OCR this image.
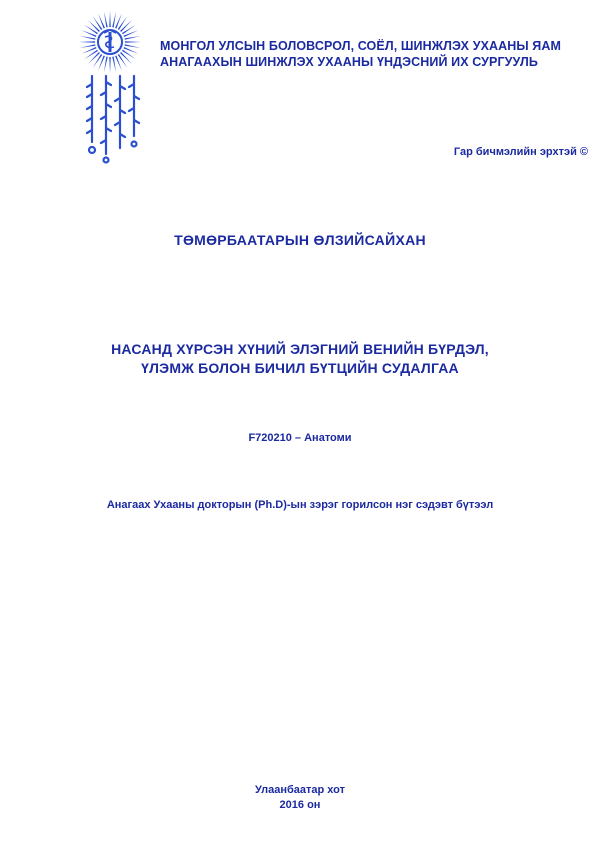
МОНГОЛ УЛСЫН БОЛОВСРОЛ, СОЁЛ, ШИНЖЛЭХ УХААНЫ ЯАМ
АНАГААХЫН ШИНЖЛЭХ УХААНЫ ҮНДЭСНИЙ ИХ СУРГУУЛЬ
Гар бичмэлийн эрхтэй ©
ТӨМӨРБААТАРЫН ӨЛЗИЙСАЙХАН
НАСАНД ХҮРСЭН ХҮНИЙ ЭЛЭГНИЙ ВЕНИЙН БҮРДЭЛ,
ҮЛЭМЖ БОЛОН БИЧИЛ БҮТЦИЙН СУДАЛГАА
F720210 – Анатоми
Анагаах Ухааны докторын (Ph.D)-ын зэрэг горилсон нэг сэдэвт бүтээл
Улаанбаатар хот
2016 он
